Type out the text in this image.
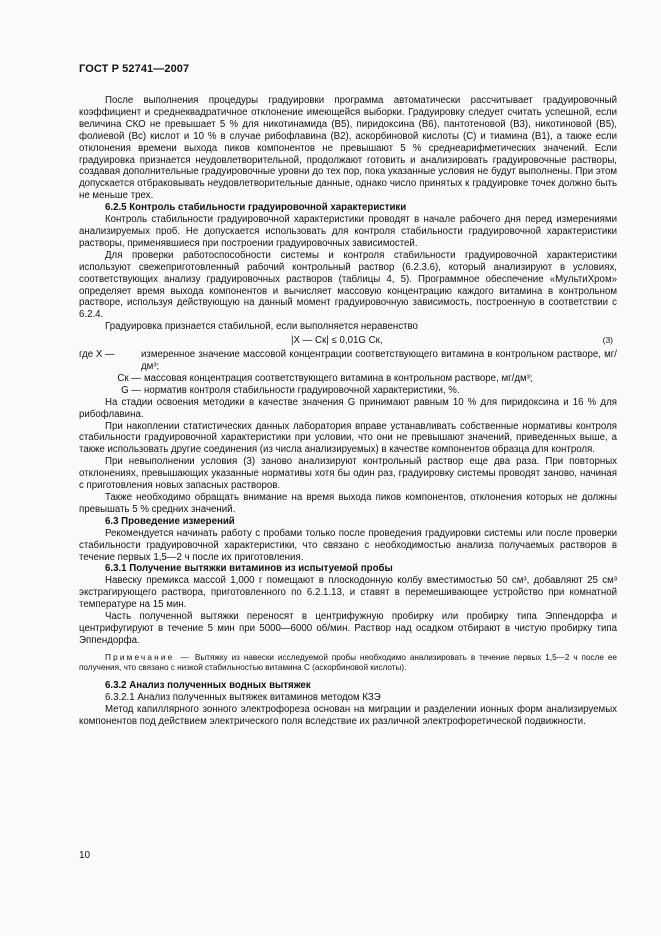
ГОСТ Р 52741—2007

После выполнения процедуры градуировки программа автоматически рассчитывает градуировочный коэффициент и среднеквадратичное отклонение имеющейся выборки. Градуировку следует считать успешной, если величина СКО не превышает 5 % для никотинамида (B5), пиридоксина (B6), пантотеновой (B3), никотиновой (B5), фолиевой (Bc) кислот и 10 % в случае рибофлавина (B2), аскорбиновой кислоты (С) и тиамина (B1), а также если отклонения времени выхода пиков компонентов не превышают 5 % среднеарифметических значений. Если градуировка признается неудовлетворительной, продолжают готовить и анализировать градуировочные растворы, создавая дополнительные градуировочные уровни до тех пор, пока указанные условия не будут выполнены. При этом допускается отбраковывать неудовлетворительные данные, однако число принятых к градуировке точек должно быть не меньше трех.

6.2.5 Контроль стабильности градуировочной характеристики

Контроль стабильности градуировочной характеристики проводят в начале рабочего дня перед измерениями анализируемых проб. Не допускается использовать для контроля стабильности градуировочной характеристики растворы, применявшиеся при построении градуировочных зависимостей.

Для проверки работоспособности системы и контроля стабильности градуировочной характеристики используют свежеприготовленный рабочий контрольный раствор (6.2.3.6), который анализируют в условиях, соответствующих анализу градуировочных растворов (таблицы 4, 5). Программное обеспечение «МультиХром» определяет время выхода компонентов и вычисляет массовую концентрацию каждого витамина в контрольном растворе, используя действующую на данный момент градуировочную зависимость, построенную в соответствии с 6.2.4.

Градуировка признается стабильной, если выполняется неравенство

|X — Cк| ≤ 0,01G Cк,	(3)
где X —	измеренное значение массовой концентрации соответствующего витамина в контрольном растворе, мг/дм³;
Cк — массовая концентрация соответствующего витамина в контрольном растворе, мг/дм³;
G — норматив контроля стабильности градуировочной характеристики, %.

На стадии освоения методики в качестве значения G принимают равным 10 % для пиридоксина и 16 % для рибофлавина.

При накоплении статистических данных лаборатория вправе устанавливать собственные нормативы контроля стабильности градуировочной характеристики при условии, что они не превышают значений, приведенных выше, а также использовать другие соединения (из числа анализируемых) в качестве компонентов образца для контроля.

При невыполнении условия (3) заново анализируют контрольный раствор еще два раза. При повторных отклонениях, превышающих указанные нормативы хотя бы один раз, градуировку системы проводят заново, начиная с приготовления новых запасных растворов.

Также необходимо обращать внимание на время выхода пиков компонентов, отклонения которых не должны превышать 5 % средних значений.

6.3 Проведение измерений

Рекомендуется начинать работу с пробами только после проведения градуировки системы или после проверки стабильности градуировочной характеристики, что связано с необходимостью анализа получаемых растворов в течение первых 1,5—2 ч после их приготовления.

6.3.1 Получение вытяжки витаминов из испытуемой пробы

Навеску премикса массой 1,000 г помещают в плоскодонную колбу вместимостью 50 см³, добавляют 25 см³ экстрагирующего раствора, приготовленного по 6.2.1.13, и ставят в перемешивающее устройство при комнатной температуре на 15 мин.

Часть полученной вытяжки переносят в центрифужную пробирку или пробирку типа Эппендорфа и центрифугируют в течение 5 мин при 5000—6000 об/мин. Раствор над осадком отбирают в чистую пробирку типа Эппендорфа.

Примечание — Вытяжку из навески исследуемой пробы необходимо анализировать в течение первых 1,5—2 ч после ее получения, что связано с низкой стабильностью витамина С (аскорбиновой кислоты).

6.3.2 Анализ полученных водных вытяжек

6.3.2.1 Анализ полученных вытяжек витаминов методом КЗЭ

Метод капиллярного зонного электрофореза основан на миграции и разделении ионных форм анализируемых компонентов под действием электрического поля вследствие их различной электрофоретической подвижности.

10
